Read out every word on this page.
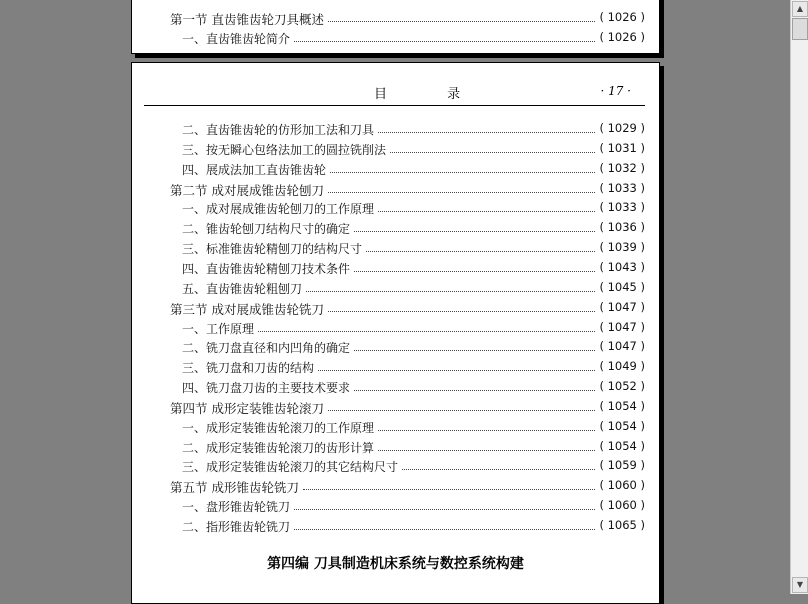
第一节 直齿锥齿轮刀具概述	( 1026 )
一、直齿锥齿轮简介	( 1026 )
目 录	· 17 ·
二、直齿锥齿轮的仿形加工法和刀具	( 1029 )
三、按无瞬心包络法加工的圆拉铣削法	( 1031 )
四、展成法加工直齿锥齿轮	( 1032 )
第二节 成对展成锥齿轮刨刀	( 1033 )
一、成对展成锥齿轮刨刀的工作原理	( 1033 )
二、锥齿轮刨刀结构尺寸的确定	( 1036 )
三、标准锥齿轮精刨刀的结构尺寸	( 1039 )
四、直齿锥齿轮精刨刀技术条件	( 1043 )
五、直齿锥齿轮粗刨刀	( 1045 )
第三节 成对展成锥齿轮铣刀	( 1047 )
一、工作原理	( 1047 )
二、铣刀盘直径和内凹角的确定	( 1047 )
三、铣刀盘和刀齿的结构	( 1049 )
四、铣刀盘刀齿的主要技术要求	( 1052 )
第四节 成形定装锥齿轮滚刀	( 1054 )
一、成形定装锥齿轮滚刀的工作原理	( 1054 )
二、成形定装锥齿轮滚刀的齿形计算	( 1054 )
三、成形定装锥齿轮滚刀的其它结构尺寸	( 1059 )
第五节 成形锥齿轮铣刀	( 1060 )
一、盘形锥齿轮铣刀	( 1060 )
二、指形锥齿轮铣刀	( 1065 )
第四编 刀具制造机床系统与数控系统构建
▲
▼
